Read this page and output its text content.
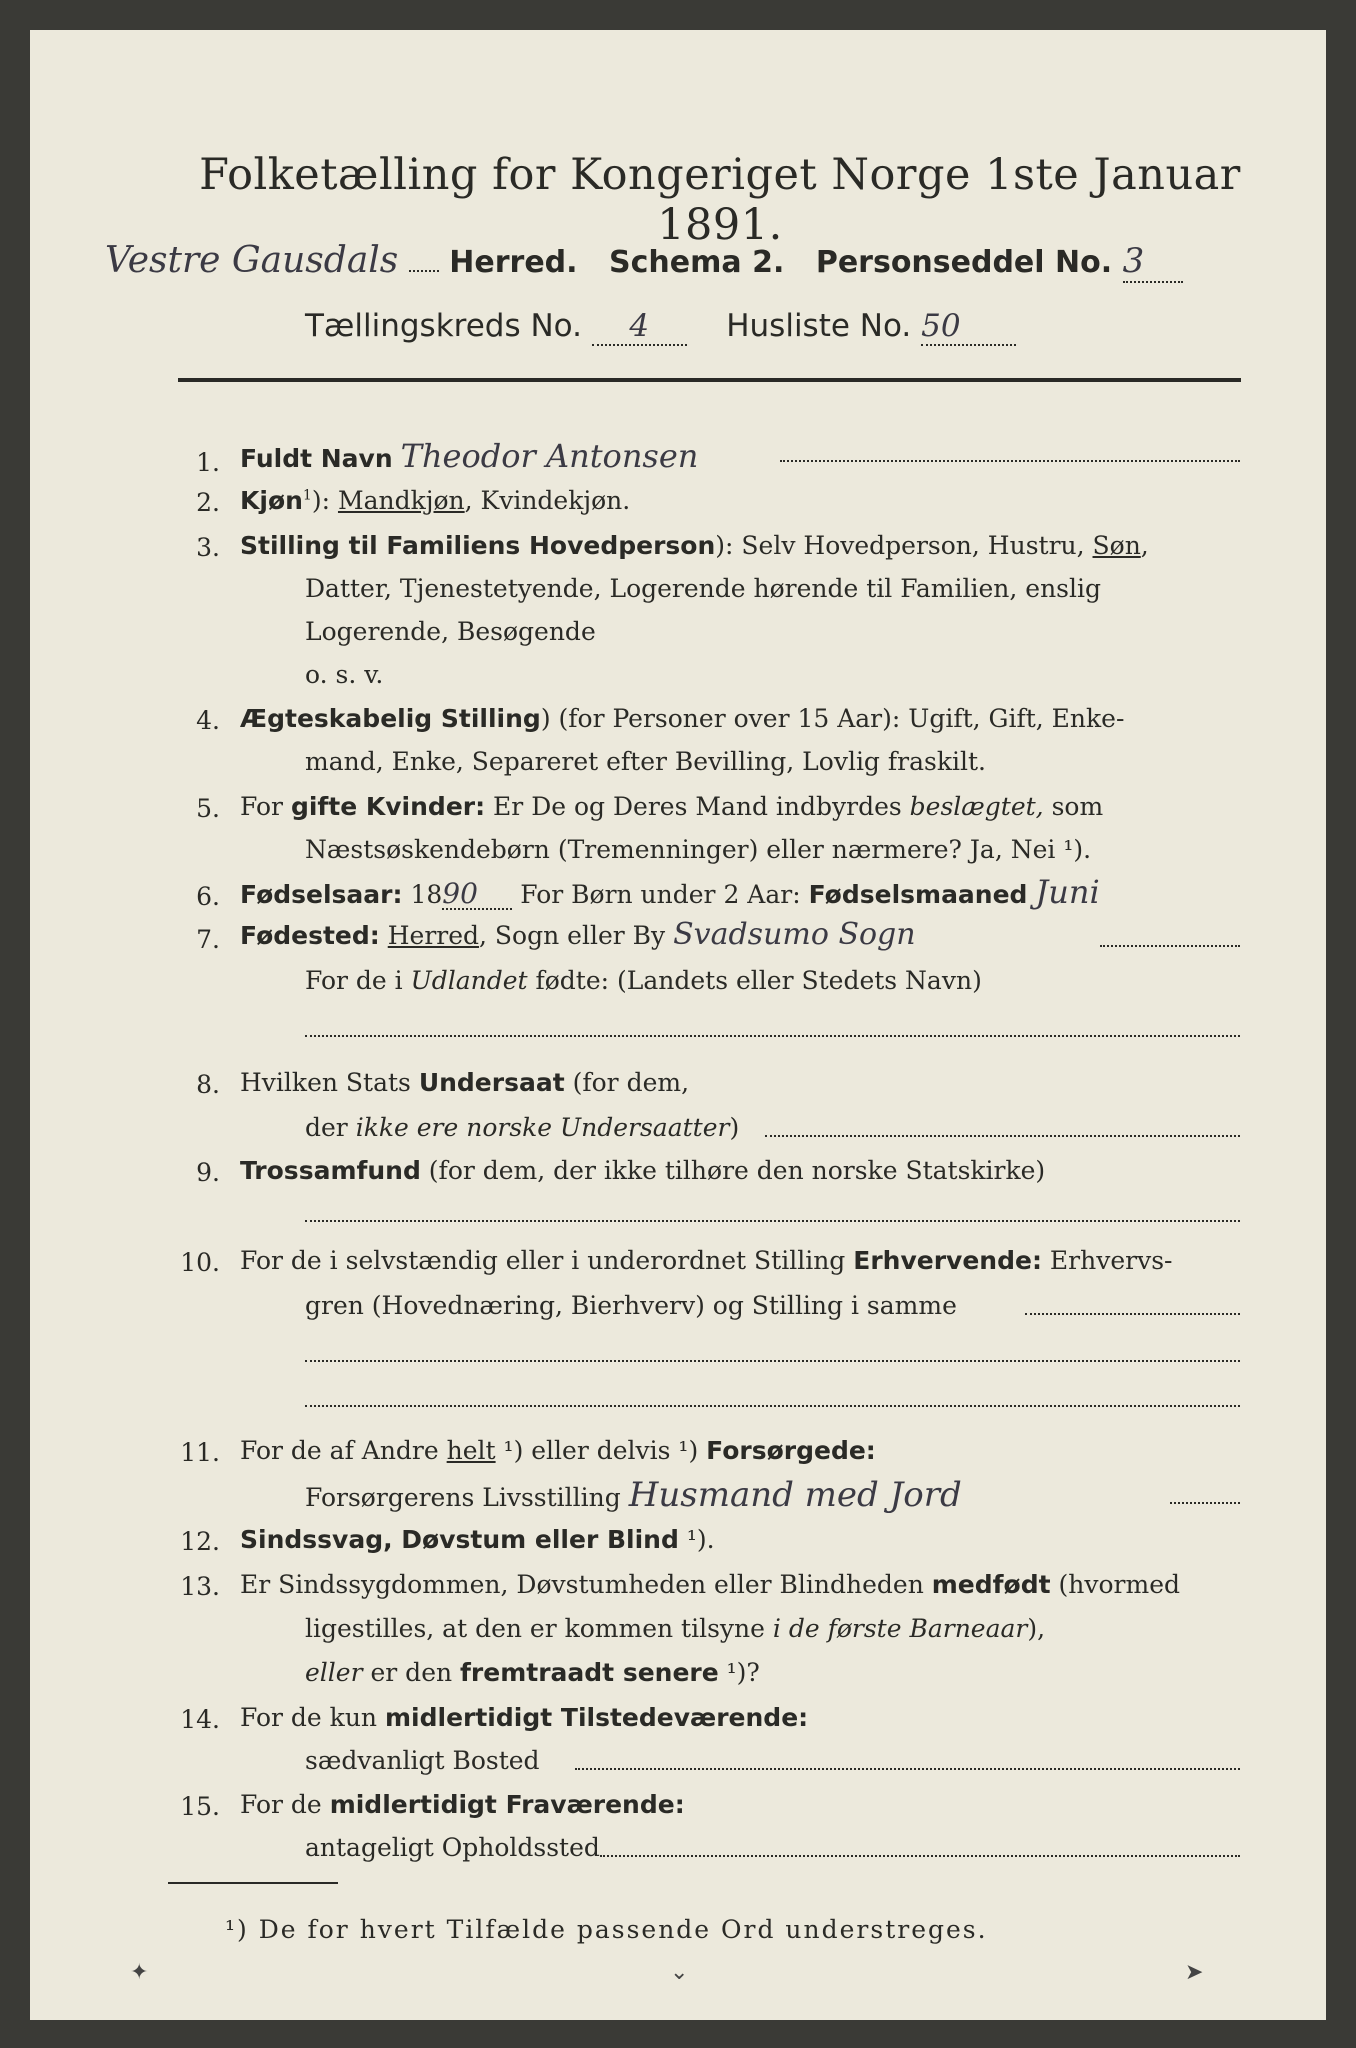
Folketælling for Kongeriget Norge 1ste Januar 1891.
Vestre Gausdals Herred. Schema 2. Personseddel No. 3
Tællingskreds No. 4 Husliste No. 50
1. Fuldt Navn Theodor Antonsen
2. Kjøn$^1$): Mandkjøn, Kvindekjøn.
3. Stilling til Familiens Hovedperson): Selv Hovedperson, Hustru, Søn,
Datter, Tjenestetyende, Logerende hørende til Familien, enslig
Logerende, Besøgende
o. s. v.
4. Ægteskabelig Stilling) (for Personer over 15 Aar): Ugift, Gift, Enke-
mand, Enke, Separeret efter Bevilling, Lovlig fraskilt.
5. For gifte Kvinder: Er De og Deres Mand indbyrdes beslægtet, som
Næstsøskendebørn (Tremenninger) eller nærmere? Ja, Nei ¹).
6. Fødselsaar: 1890 For Børn under 2 Aar: Fødselsmaaned Juni
7. Fødested: Herred, Sogn eller By Svadsumo Sogn
For de i Udlandet fødte: (Landets eller Stedets Navn)
8. Hvilken Stats Undersaat (for dem,
der ikke ere norske Undersaatter)
9. Trossamfund (for dem, der ikke tilhøre den norske Statskirke)
10. For de i selvstændig eller i underordnet Stilling Erhvervende: Erhvervs-
gren (Hovednæring, Bierhverv) og Stilling i samme
11. For de af Andre helt ¹) eller delvis ¹) Forsørgede:
Forsørgerens Livsstilling Husmand med Jord
12. Sindssvag, Døvstum eller Blind ¹).
13. Er Sindssygdommen, Døvstumheden eller Blindheden medfødt (hvormed
ligestilles, at den er kommen tilsyne i de første Barneaar),
eller er den fremtraadt senere ¹)?
14. For de kun midlertidigt Tilstedeværende:
sædvanligt Bosted
15. For de midlertidigt Fraværende:
antageligt Opholdssted
¹) De for hvert Tilfælde passende Ord understreges.
✦	⌄	➤
